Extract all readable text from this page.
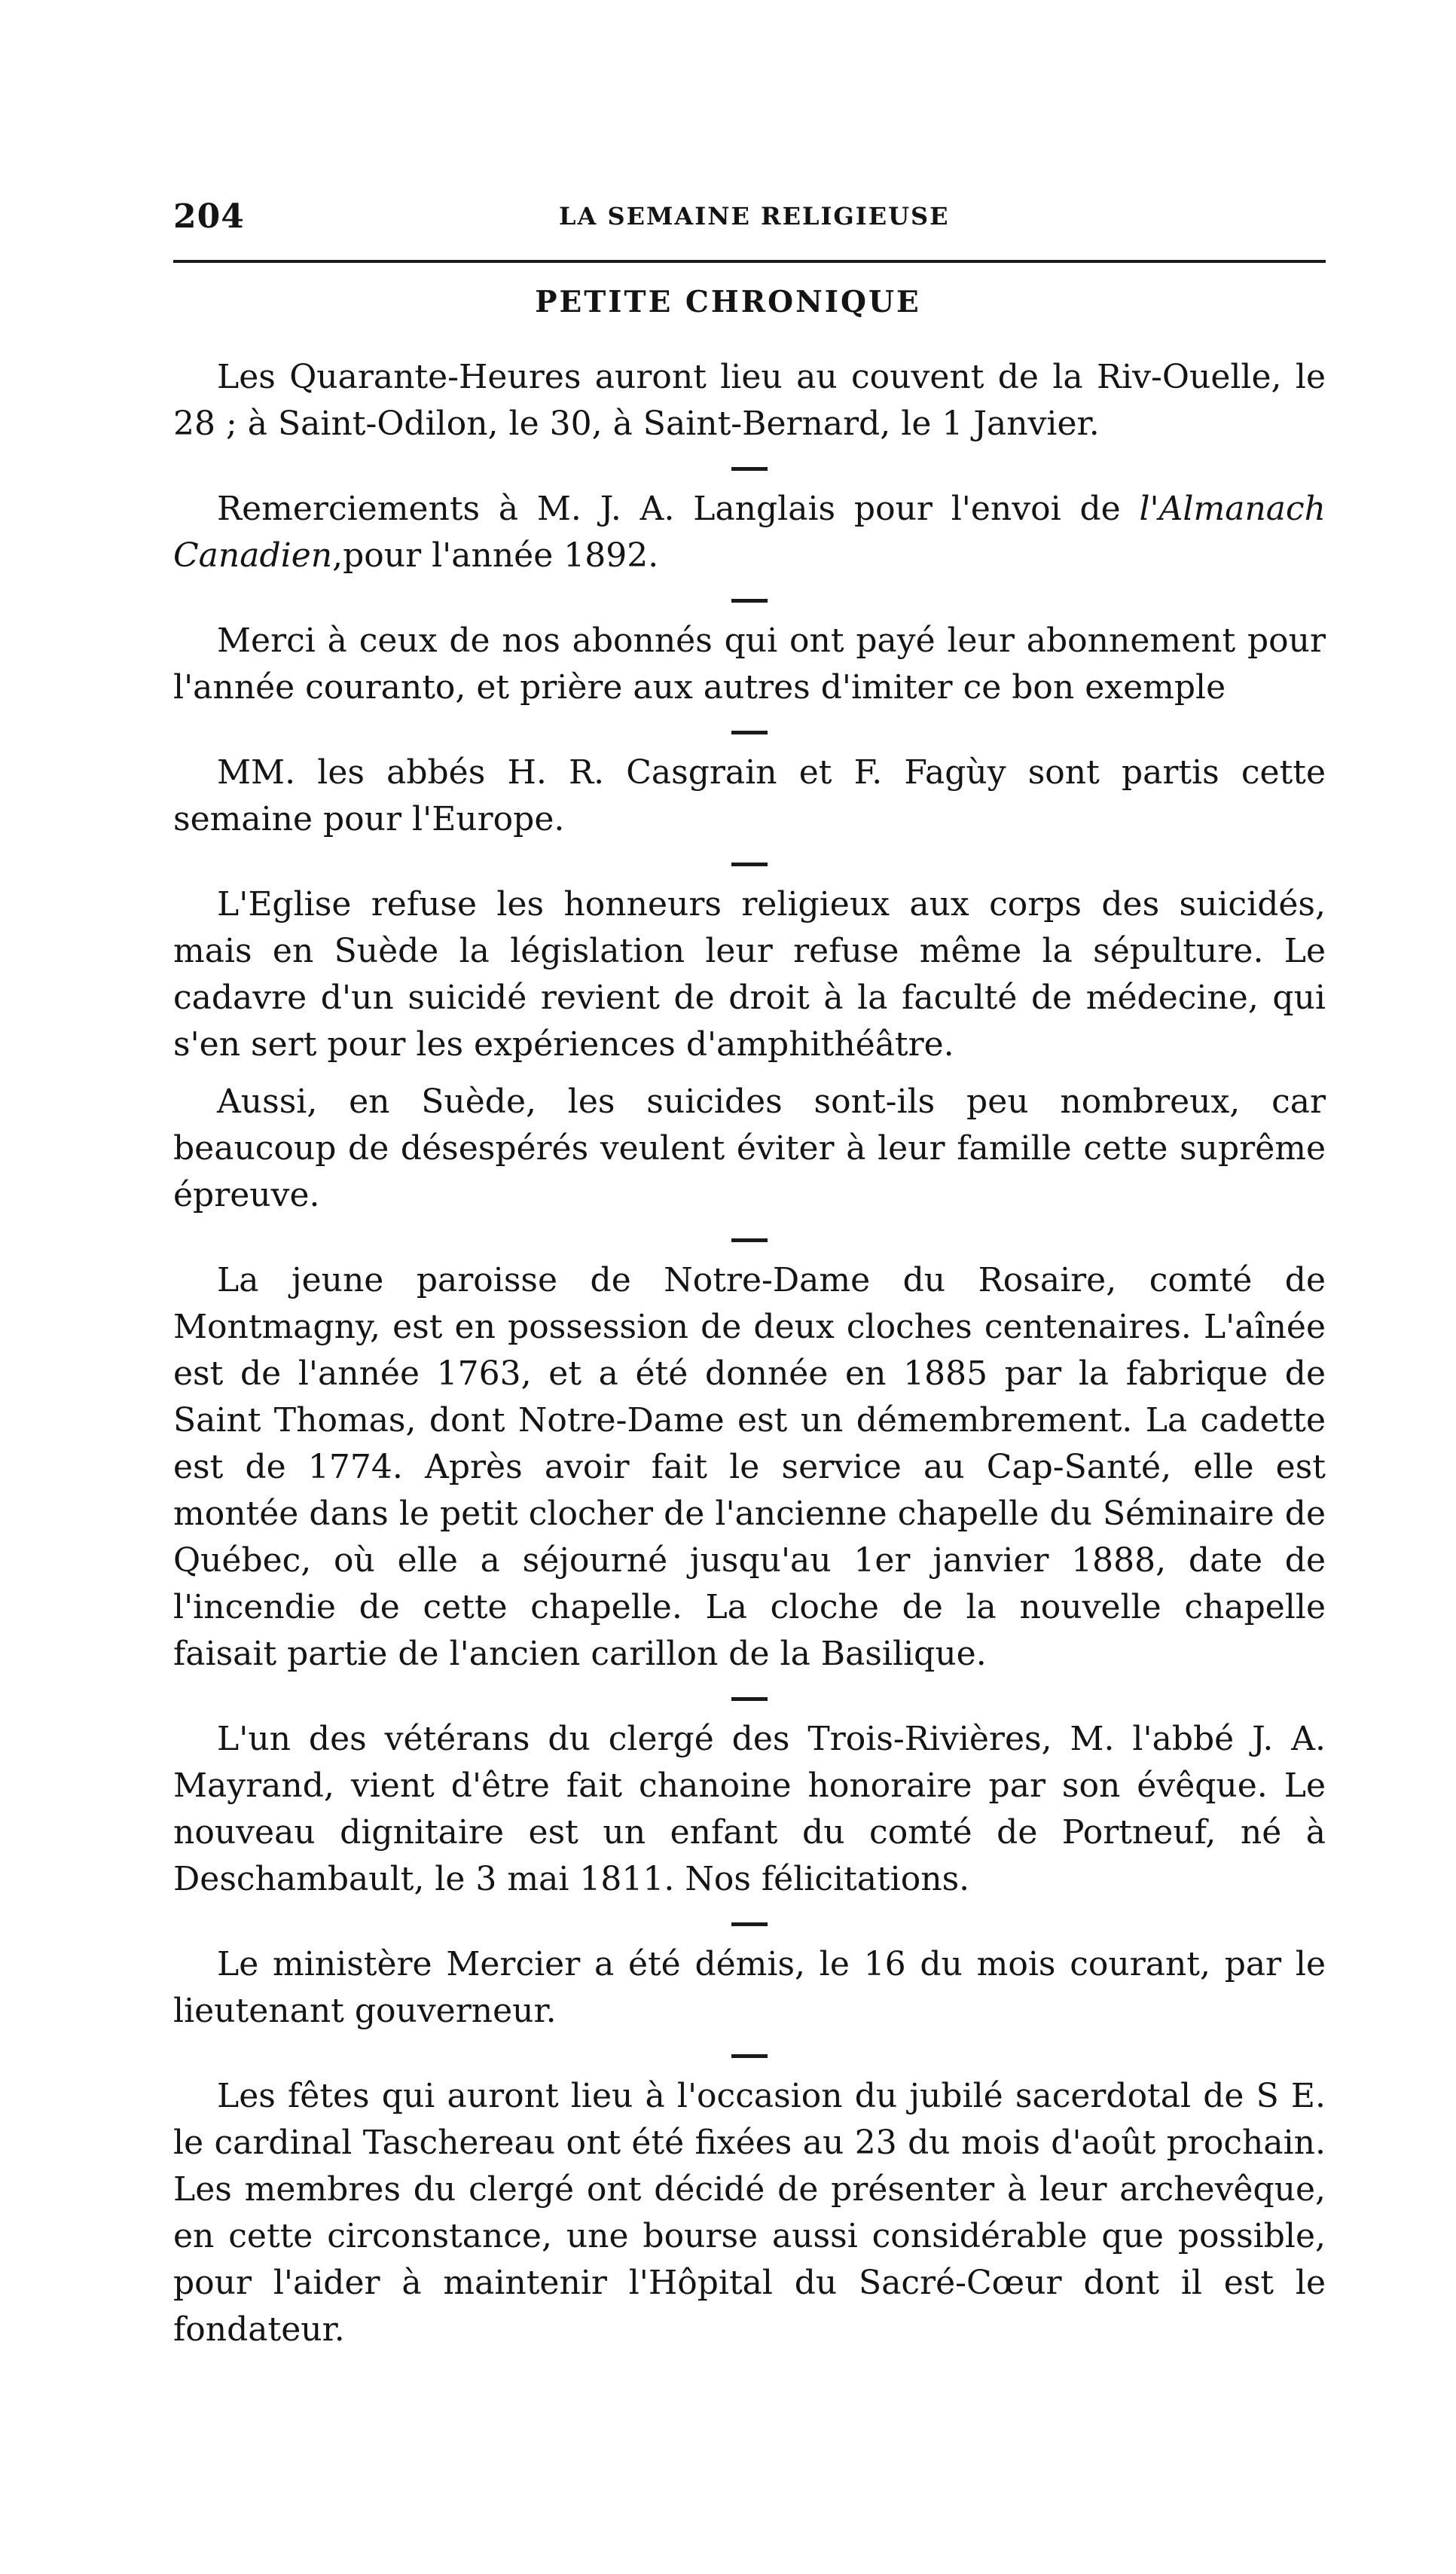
204	LA SEMAINE RELIGIEUSE
PETITE CHRONIQUE

Les Quarante-Heures auront lieu au couvent de la Riv-Ouelle, le 28 ; à Saint-Odilon, le 30, à Saint-Bernard, le 1 Janvier.

Remerciements à M. J. A. Langlais pour l'envoi de l'Almanach Canadien,pour l'année 1892.

Merci à ceux de nos abonnés qui ont payé leur abonnement pour l'année couranto, et prière aux autres d'imiter ce bon exemple

MM. les abbés H. R. Casgrain et F. Fagùy sont partis cette semaine pour l'Europe.

L'Eglise refuse les honneurs religieux aux corps des suicidés, mais en Suède la législation leur refuse même la sépulture. Le cadavre d'un suicidé revient de droit à la faculté de médecine, qui s'en sert pour les expériences d'amphithéâtre.

Aussi, en Suède, les suicides sont-ils peu nombreux, car beaucoup de désespérés veulent éviter à leur famille cette suprême épreuve.

La jeune paroisse de Notre-Dame du Rosaire, comté de Montmagny, est en possession de deux cloches centenaires. L'aînée est de l'année 1763, et a été donnée en 1885 par la fabrique de Saint Thomas, dont Notre-Dame est un démembrement. La cadette est de 1774. Après avoir fait le service au Cap-Santé, elle est montée dans le petit clocher de l'ancienne chapelle du Séminaire de Québec, où elle a séjourné jusqu'au 1er janvier 1888, date de l'incendie de cette chapelle. La cloche de la nouvelle chapelle faisait partie de l'ancien carillon de la Basilique.

L'un des vétérans du clergé des Trois-Rivières, M. l'abbé J. A. Mayrand, vient d'être fait chanoine honoraire par son évêque. Le nouveau dignitaire est un enfant du comté de Portneuf, né à Deschambault, le 3 mai 1811. Nos félicitations.

Le ministère Mercier a été démis, le 16 du mois courant, par le lieutenant gouverneur.

Les fêtes qui auront lieu à l'occasion du jubilé sacerdotal de S E. le cardinal Taschereau ont été fixées au 23 du mois d'août prochain. Les membres du clergé ont décidé de présenter à leur archevêque, en cette circonstance, une bourse aussi considérable que possible, pour l'aider à maintenir l'Hôpital du Sacré-Cœur dont il est le fondateur.
